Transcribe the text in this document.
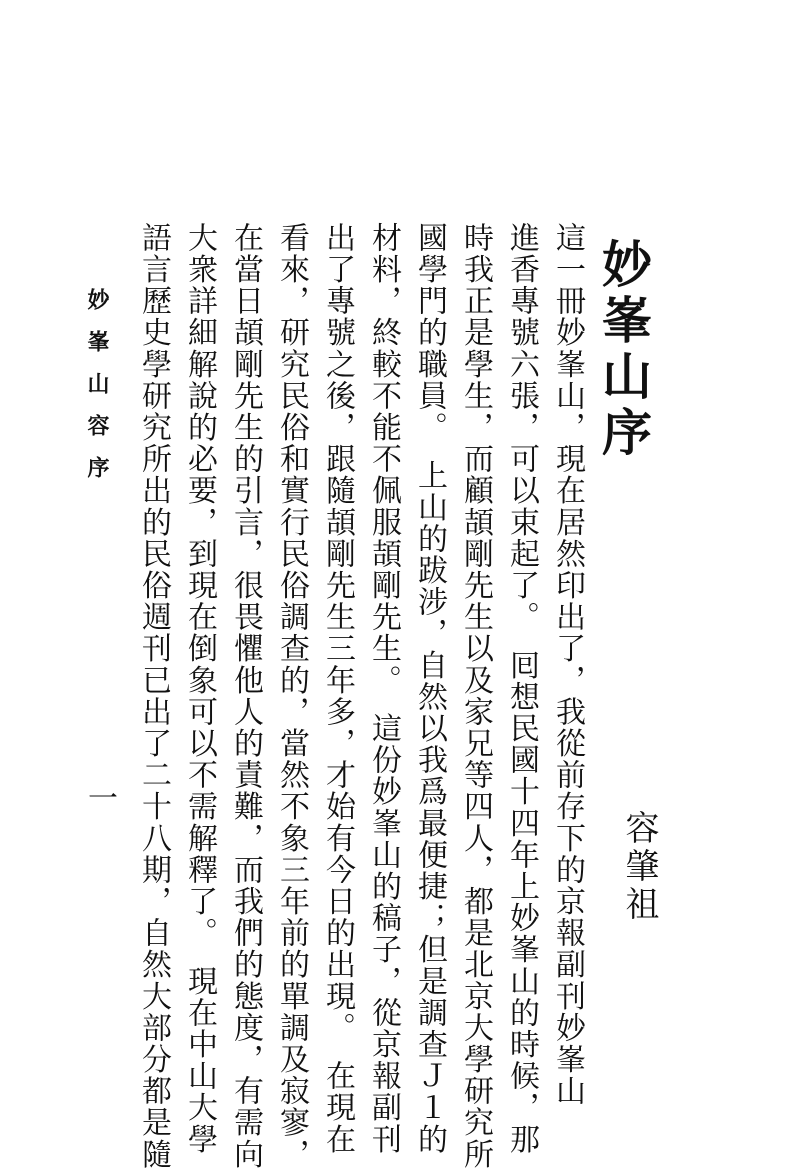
妙峯山序
容肇祖
這一冊妙峯山，現在居然印出了，我從前存下的京報副刊妙峯山
進香專號六張，可以束起了。　囘想民國十四年上妙峯山的時候，那
時我正是學生，而顧頡剛先生以及家兄等四人，都是北京大學研究所
國學門的職員。　上山的跋涉，自然以我爲最便捷；但是調查Ｊ１的
材料，終較不能不佩服頡剛先生。　這份妙峯山的稿子，從京報副刊
出了專號之後，跟隨頡剛先生三年多，才始有今日的出現。　在現在
看來，研究民俗和實行民俗調查的，當然不象三年前的單調及寂寥，
在當日頡剛先生的引言，很畏懼他人的責難，而我們的態度，有需向
大衆詳細解說的必要，到現在倒象可以不需解釋了。　現在中山大學
語言歷史學研究所出的民俗週刊已出了二十八期，自然大部分都是隨
妙峯山容序
一
